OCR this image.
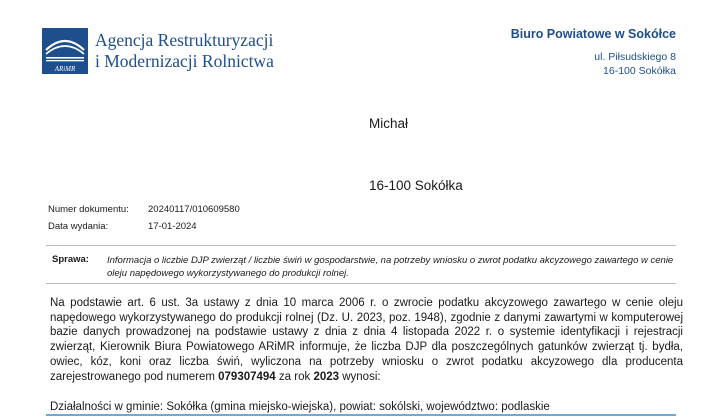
ARiMR
Agencja Restrukturyzacji
i Modernizacji Rolnictwa
Biuro Powiatowe w Sokółce
ul. Piłsudskiego 8
16-100 Sokółka
Michał
16-100 Sokółka
Numer dokumentu: 20240117/010609580
Data wydania:	17-01-2024
Sprawa: Informacja o liczbie DJP zwierząt / liczbie świń w gospodarstwie, na potrzeby wniosku o zwrot podatku akcyzowego zawartego w cenie oleju napędowego wykorzystywanego do produkcji rolnej.
Na podstawie art. 6 ust. 3a ustawy z dnia 10 marca 2006 r. o zwrocie podatku akcyzowego zawartego w cenie oleju napędowego wykorzystywanego do produkcji rolnej (Dz. U. 2023, poz. 1948), zgodnie z danymi zawartymi w komputerowej bazie danych prowadzonej na podstawie ustawy z dnia z dnia 4 listopada 2022 r. o systemie identyfikacji i rejestracji zwierząt, Kierownik Biura Powiatowego ARiMR informuje, że liczba DJP dla poszczególnych gatunków zwierząt tj. bydła, owiec, kóz, koni oraz liczba świń, wyliczona na potrzeby wniosku o zwrot podatku akcyzowego dla producenta zarejestrowanego pod numerem 079307494 za rok 2023 wynosi:
Działalności w gminie: Sokółka (gmina miejsko-wiejska), powiat: sokólski, województwo: podlaskie
